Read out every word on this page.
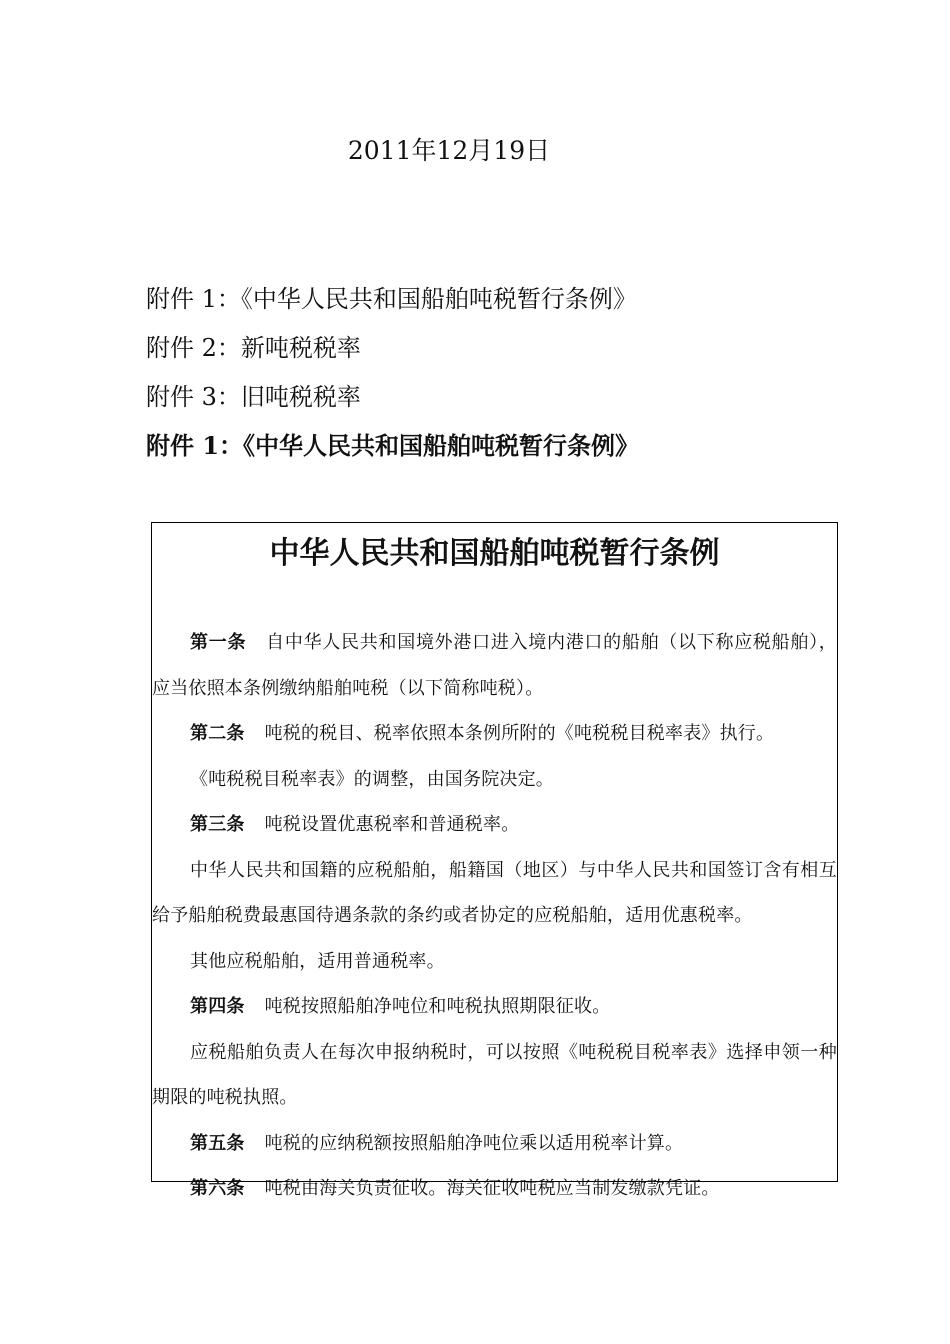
2011年12月19日
附件 1：《中华人民共和国船舶吨税暂行条例》
附件 2：新吨税税率
附件 3：旧吨税税率
附件 1：《中华人民共和国船舶吨税暂行条例》
中华人民共和国船舶吨税暂行条例

第一条 自中华人民共和国境外港口进入境内港口的船舶（以下称应税船舶），应当依照本条例缴纳船舶吨税（以下简称吨税）。

第二条 吨税的税目、税率依照本条例所附的《吨税税目税率表》执行。

《吨税税目税率表》的调整，由国务院决定。

第三条 吨税设置优惠税率和普通税率。

中华人民共和国籍的应税船舶，船籍国（地区）与中华人民共和国签订含有相互给予船舶税费最惠国待遇条款的条约或者协定的应税船舶，适用优惠税率。

其他应税船舶，适用普通税率。

第四条 吨税按照船舶净吨位和吨税执照期限征收。

应税船舶负责人在每次申报纳税时，可以按照《吨税税目税率表》选择申领一种期限的吨税执照。

第五条 吨税的应纳税额按照船舶净吨位乘以适用税率计算。

第六条 吨税由海关负责征收。海关征收吨税应当制发缴款凭证。
